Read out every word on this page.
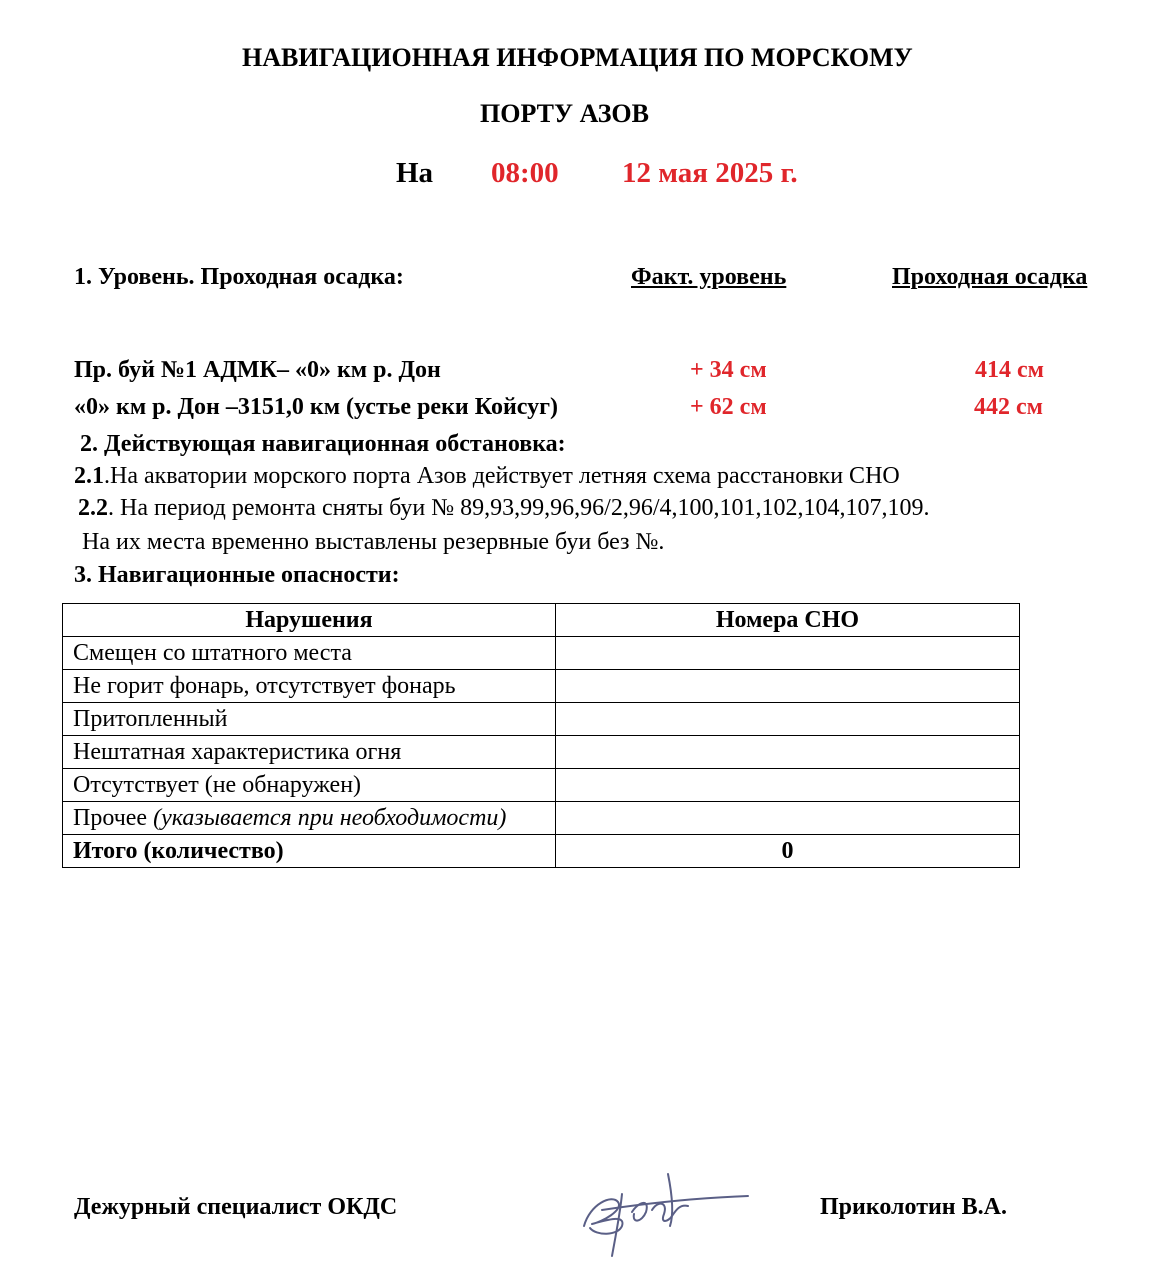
НАВИГАЦИОННАЯ ИНФОРМАЦИЯ ПО МОРСКОМУ
ПОРТУ АЗОВ
На 08:00 12 мая 2025 г.
1. Уровень. Проходная осадка:	Факт. уровень	Проходная осадка
Пр. буй №1 АДМК– «0» км р. Дон	+ 34 см	414 см
«0» км р. Дон –3151,0 км (устье реки Койсуг)	+ 62 см	442 см
2. Действующая навигационная обстановка:
2.1.На акватории морского порта Азов действует летняя схема расстановки СНО
2.2. На период ремонта сняты буи № 89,93,99,96,96/2,96/4,100,101,102,104,107,109.
На их места временно выставлены резервные буи без №.
3. Навигационные опасности:
Нарушения	Номера СНО
Смещен со штатного места	
Не горит фонарь, отсутствует фонарь	
Притопленный	
Нештатная характеристика огня	
Отсутствует (не обнаружен)	
Прочее (указывается при необходимости)	
Итого (количество)	0
Дежурный специалист ОКДС	Приколотин В.А.
